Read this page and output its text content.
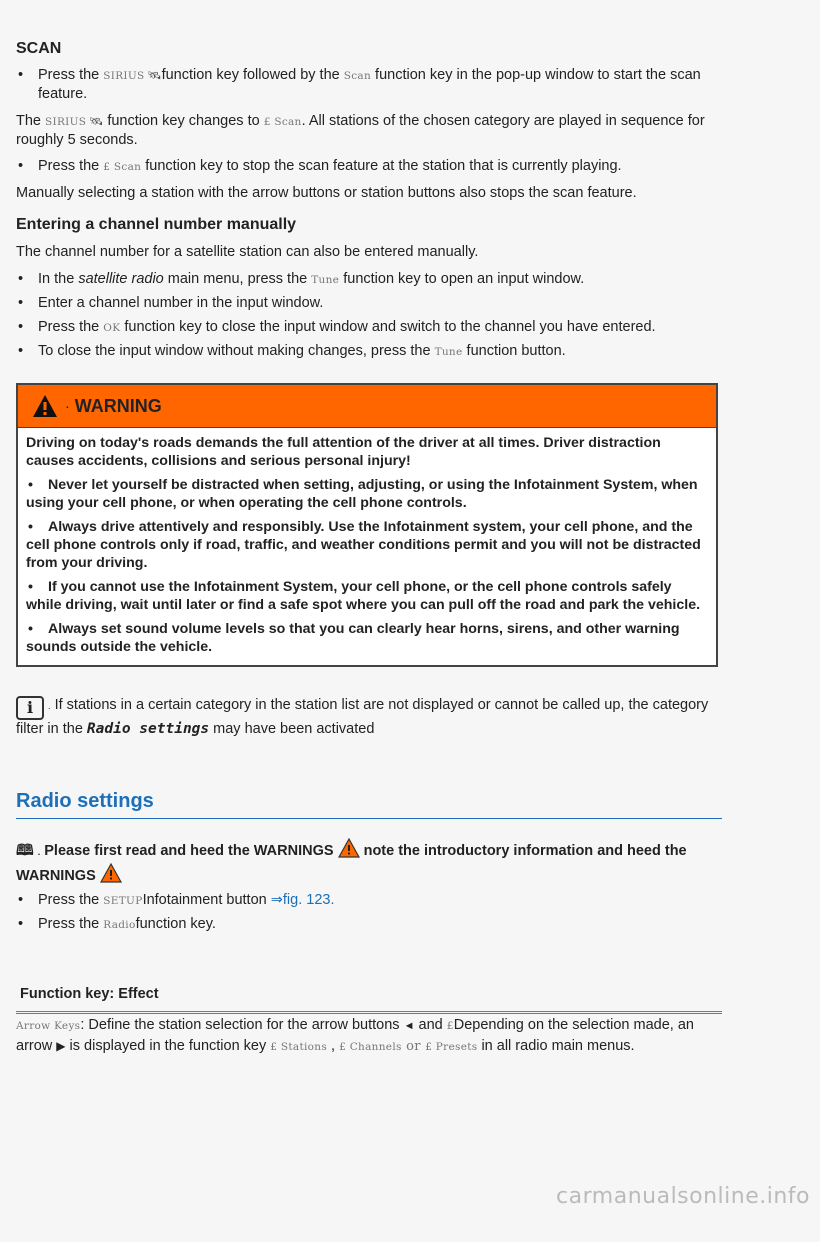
SCAN

• Press the SIRIUS 🛰function key followed by the Scan function key in the pop-up window to start the scan feature.

The SIRIUS 🛰 function key changes to £ Scan. All stations of the chosen category are played in sequence for roughly 5 seconds.

• Press the £ Scan function key to stop the scan feature at the station that is currently playing.

Manually selecting a station with the arrow buttons or station buttons also stops the scan feature.

Entering a channel number manually

The channel number for a satellite station can also be entered manually.

• In the satellite radio main menu, press the Tune function key to open an input window.

• Enter a channel number in the input window.

• Press the OK function key to close the input window and switch to the channel you have entered.

• To close the input window without making changes, press the Tune function button.

. WARNING

Driving on today's roads demands the full attention of the driver at all times. Driver distraction causes accidents, collisions and serious personal injury!

• Never let yourself be distracted when setting, adjusting, or using the Infotainment System, when using your cell phone, or when operating the cell phone controls.

• Always drive attentively and responsibly. Use the Infotainment system, your cell phone, and the cell phone controls only if road, traffic, and weather conditions permit and you will not be distracted from your driving.

• If you cannot use the Infotainment System, your cell phone, or the cell phone controls safely while driving, wait until later or find a safe spot where you can pull off the road and park the vehicle.

• Always set sound volume levels so that you can clearly hear horns, sirens, and other warning sounds outside the vehicle.

i . If stations in a certain category in the station list are not displayed or cannot be called up, the category filter in the Radio settings may have been activated

Radio settings

🕮 . Please first read and heed the WARNINGS  note the introductory information and heed the WARNINGS

• Press the SETUPInfotainment button ⇒fig. 123.

• Press the Radiofunction key.

Function key: Effect

Arrow Keys: Define the station selection for the arrow buttons ◄ and £Depending on the selection made, an arrow ▶ is displayed in the function key £ Stations , £ Channels or £ Presets in all radio main menus.

carmanualsonline.info
